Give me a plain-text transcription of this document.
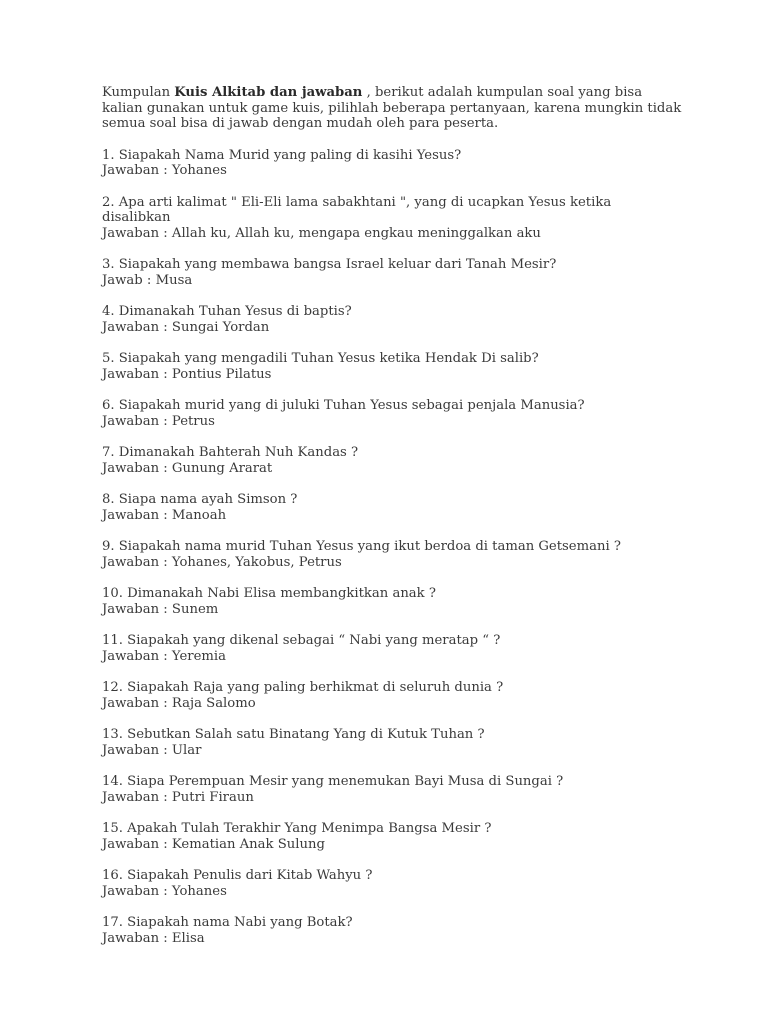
Kumpulan Kuis Alkitab dan jawaban , berikut adalah kumpulan soal yang bisa kalian gunakan untuk game kuis, pilihlah beberapa pertanyaan, karena mungkin tidak semua soal bisa di jawab dengan mudah oleh para peserta.

1. Siapakah Nama Murid yang paling di kasihi Yesus?

Jawaban : Yohanes

2. Apa arti kalimat " Eli-Eli lama sabakhtani ", yang di ucapkan Yesus ketika disalibkan

Jawaban : Allah ku, Allah ku, mengapa engkau meninggalkan aku

3. Siapakah yang membawa bangsa Israel keluar dari Tanah Mesir?

Jawab : Musa

4. Dimanakah Tuhan Yesus di baptis?

Jawaban : Sungai Yordan

5. Siapakah yang mengadili Tuhan Yesus ketika Hendak Di salib?

Jawaban : Pontius Pilatus

6. Siapakah murid yang di juluki Tuhan Yesus sebagai penjala Manusia?

Jawaban : Petrus

7. Dimanakah Bahterah Nuh Kandas ?

Jawaban : Gunung Ararat

8. Siapa nama ayah Simson ?

Jawaban : Manoah

9. Siapakah nama murid Tuhan Yesus yang ikut berdoa di taman Getsemani ?

Jawaban : Yohanes, Yakobus, Petrus

10. Dimanakah Nabi Elisa membangkitkan anak ?

Jawaban : Sunem

11. Siapakah yang dikenal sebagai “ Nabi yang meratap “ ?

Jawaban : Yeremia

12. Siapakah Raja yang paling berhikmat di seluruh dunia ?

Jawaban : Raja Salomo

13. Sebutkan Salah satu Binatang Yang di Kutuk Tuhan ?

Jawaban : Ular

14. Siapa Perempuan Mesir yang menemukan Bayi Musa di Sungai ?

Jawaban : Putri Firaun

15. Apakah Tulah Terakhir Yang Menimpa Bangsa Mesir ?

Jawaban : Kematian Anak Sulung

16. Siapakah Penulis dari Kitab Wahyu ?

Jawaban : Yohanes

17. Siapakah nama Nabi yang Botak?

Jawaban : Elisa
